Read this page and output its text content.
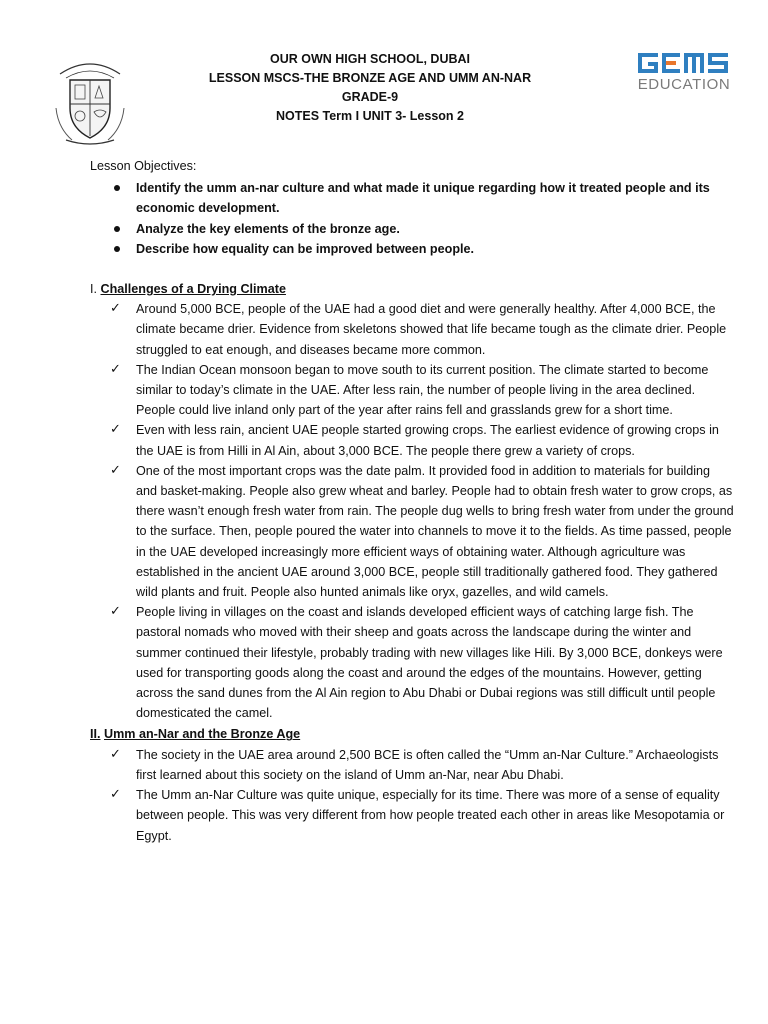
OUR OWN HIGH SCHOOL, DUBAI
LESSON MSCS-THE BRONZE AGE AND UMM AN-NAR
GRADE-9
NOTES Term I UNIT 3- Lesson 2
EDUCATION
Lesson Objectives:
Identify the umm an-nar culture and what made it unique regarding how it treated people and its economic development.
Analyze the key elements of the bronze age.
Describe how equality can be improved between people.
I. Challenges of a Drying Climate
✓ Around 5,000 BCE, people of the UAE had a good diet and were generally healthy. After 4,000 BCE, the climate became drier. Evidence from skeletons showed that life became tough as the climate drier. People struggled to eat enough, and diseases became more common.
✓ The Indian Ocean monsoon began to move south to its current position. The climate started to become similar to today’s climate in the UAE. After less rain, the number of people living in the area declined. People could live inland only part of the year after rains fell and grasslands grew for a short time.
✓ Even with less rain, ancient UAE people started growing crops. The earliest evidence of growing crops in the UAE is from Hilli in Al Ain, about 3,000 BCE. The people there grew a variety of crops.
✓ One of the most important crops was the date palm. It provided food in addition to materials for building and basket-making. People also grew wheat and barley. People had to obtain fresh water to grow crops, as there wasn’t enough fresh water from rain. The people dug wells to bring fresh water from under the ground to the surface. Then, people poured the water into channels to move it to the fields. As time passed, people in the UAE developed increasingly more efficient ways of obtaining water. Although agriculture was established in the ancient UAE around 3,000 BCE, people still traditionally gathered food. They gathered wild plants and fruit. People also hunted animals like oryx, gazelles, and wild camels.
✓ People living in villages on the coast and islands developed efficient ways of catching large fish. The pastoral nomads who moved with their sheep and goats across the landscape during the winter and summer continued their lifestyle, probably trading with new villages like Hili. By 3,000 BCE, donkeys were used for transporting goods along the coast and around the edges of the mountains. However, getting across the sand dunes from the Al Ain region to Abu Dhabi or Dubai regions was still difficult until people domesticated the camel.
II. Umm an-Nar and the Bronze Age
✓ The society in the UAE area around 2,500 BCE is often called the “Umm an-Nar Culture.” Archaeologists first learned about this society on the island of Umm an-Nar, near Abu Dhabi.
✓ The Umm an-Nar Culture was quite unique, especially for its time. There was more of a sense of equality between people. This was very different from how people treated each other in areas like Mesopotamia or Egypt.
